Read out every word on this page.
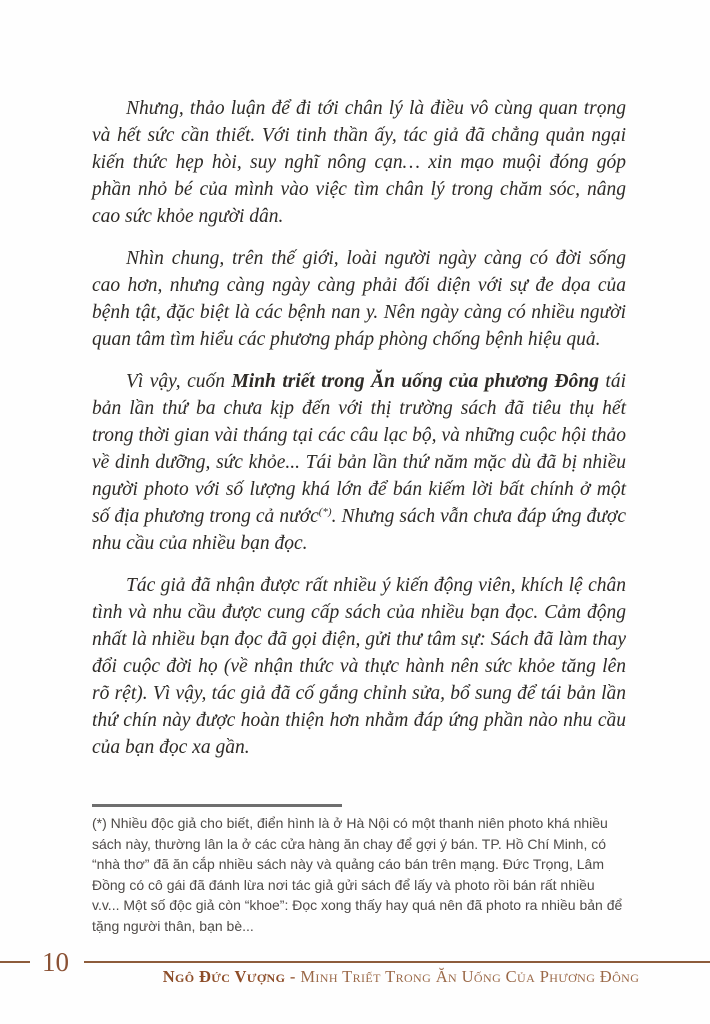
Nhưng, thảo luận để đi tới chân lý là điều vô cùng quan trọng và hết sức cần thiết. Với tinh thần ấy, tác giả đã chẳng quản ngại kiến thức hẹp hòi, suy nghĩ nông cạn… xin mạo muội đóng góp phần nhỏ bé của mình vào việc tìm chân lý trong chăm sóc, nâng cao sức khỏe người dân.

Nhìn chung, trên thế giới, loài người ngày càng có đời sống cao hơn, nhưng càng ngày càng phải đối diện với sự đe dọa của bệnh tật, đặc biệt là các bệnh nan y. Nên ngày càng có nhiều người quan tâm tìm hiểu các phương pháp phòng chống bệnh hiệu quả.

Vì vậy, cuốn Minh triết trong Ăn uống của phương Đông tái bản lần thứ ba chưa kịp đến với thị trường sách đã tiêu thụ hết trong thời gian vài tháng tại các câu lạc bộ, và những cuộc hội thảo về dinh dưỡng, sức khỏe... Tái bản lần thứ năm mặc dù đã bị nhiều người photo với số lượng khá lớn để bán kiếm lời bất chính ở một số địa phương trong cả nước(*). Nhưng sách vẫn chưa đáp ứng được nhu cầu của nhiều bạn đọc.

Tác giả đã nhận được rất nhiều ý kiến động viên, khích lệ chân tình và nhu cầu được cung cấp sách của nhiều bạn đọc. Cảm động nhất là nhiều bạn đọc đã gọi điện, gửi thư tâm sự: Sách đã làm thay đổi cuộc đời họ (về nhận thức và thực hành nên sức khỏe tăng lên rõ rệt). Vì vậy, tác giả đã cố gắng chỉnh sửa, bổ sung để tái bản lần thứ chín này được hoàn thiện hơn nhằm đáp ứng phần nào nhu cầu của bạn đọc xa gần.

(*) Nhiều độc giả cho biết, điển hình là ở Hà Nội có một thanh niên photo khá nhiều sách này, thường lân la ở các cửa hàng ăn chay để gợi ý bán. TP. Hồ Chí Minh, có “nhà thơ” đã ăn cắp nhiều sách này và quảng cáo bán trên mạng. Đức Trọng, Lâm Đồng có cô gái đã đánh lừa nơi tác giả gửi sách để lấy và photo rồi bán rất nhiều v.v... Một số độc giả còn “khoe”: Đọc xong thấy hay quá nên đã photo ra nhiều bản để tặng người thân, bạn bè...

10	Ngô Đức Vượng - Minh Triết Trong Ăn Uống Của Phương Đông
